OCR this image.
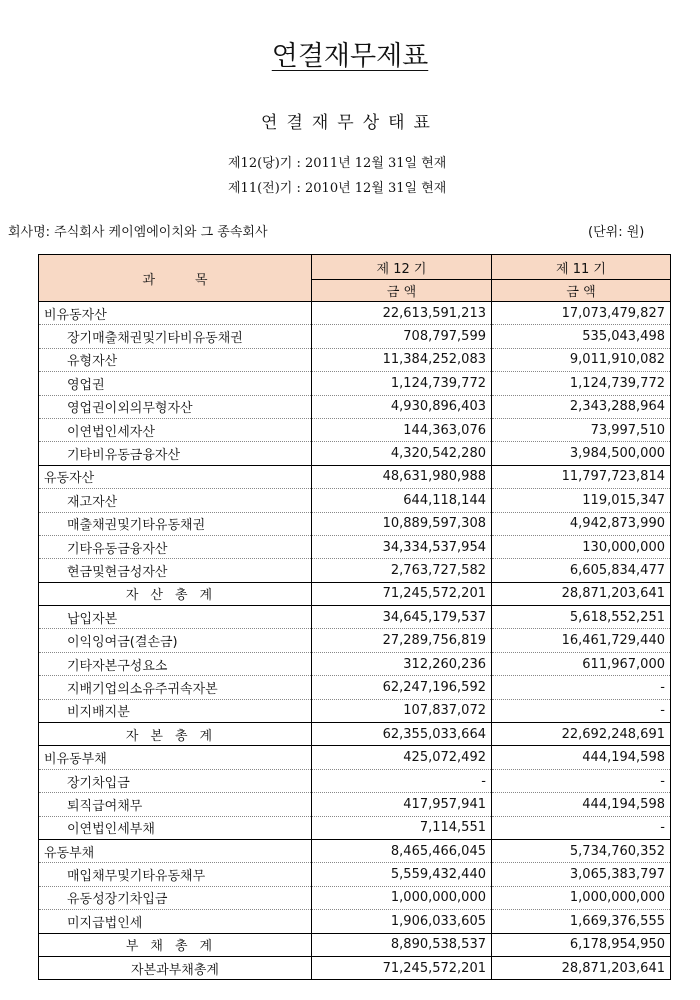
연결재무제표
연결재무상태표
제12(당)기 : 2011년 12월 31일 현재
제11(전)기 : 2010년 12월 31일 현재
회사명: 주식회사 케이엠에이치와 그 종속회사	(단위: 원)
과목	제 12 기	제 11 기
	금 액	금 액
비유동자산	22,613,591,213	17,073,479,827
장기매출채권및기타비유동채권	708,797,599	535,043,498
유형자산	11,384,252,083	9,011,910,082
영업권	1,124,739,772	1,124,739,772
영업권이외의무형자산	4,930,896,403	2,343,288,964
이연법인세자산	144,363,076	73,997,510
기타비유동금융자산	4,320,542,280	3,984,500,000
유동자산	48,631,980,988	11,797,723,814
재고자산	644,118,144	119,015,347
매출채권및기타유동채권	10,889,597,308	4,942,873,990
기타유동금융자산	34,334,537,954	130,000,000
현금및현금성자산	2,763,727,582	6,605,834,477
자산총계	71,245,572,201	28,871,203,641
납입자본	34,645,179,537	5,618,552,251
이익잉여금(결손금)	27,289,756,819	16,461,729,440
기타자본구성요소	312,260,236	611,967,000
지배기업의소유주귀속자본	62,247,196,592	-
비지배지분	107,837,072	-
자본총계	62,355,033,664	22,692,248,691
비유동부채	425,072,492	444,194,598
장기차입금	-	-
퇴직급여채무	417,957,941	444,194,598
이연법인세부채	7,114,551	-
유동부채	8,465,466,045	5,734,760,352
매입채무및기타유동채무	5,559,432,440	3,065,383,797
유동성장기차입금	1,000,000,000	1,000,000,000
미지급법인세	1,906,033,605	1,669,376,555
부채총계	8,890,538,537	6,178,954,950
자본과부채총계	71,245,572,201	28,871,203,641
